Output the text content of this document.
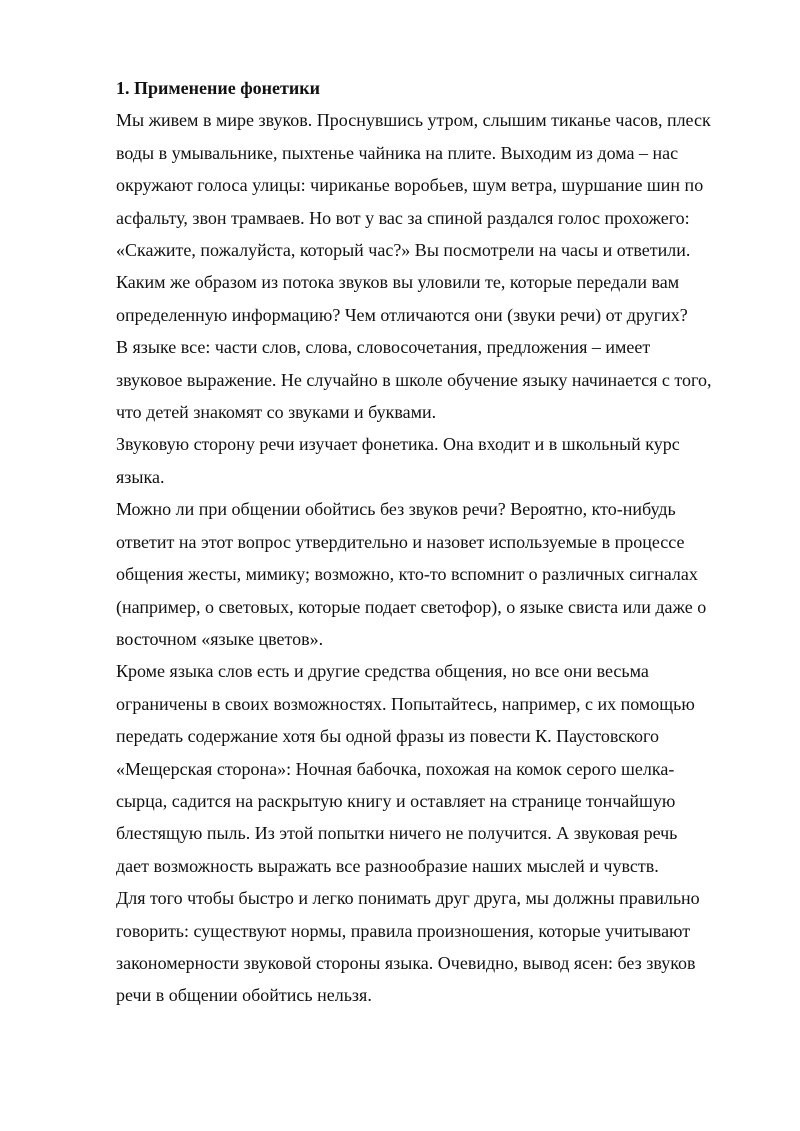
1. Применение фонетики
Мы живем в мире звуков. Проснувшись утром, слышим тиканье часов, плеск
воды в умывальнике, пыхтенье чайника на плите. Выходим из дома – нас
окружают голоса улицы: чириканье воробьев, шум ветра, шуршание шин по
асфальту, звон трамваев. Но вот у вас за спиной раздался голос прохожего:
«Скажите, пожалуйста, который час?» Вы посмотрели на часы и ответили.
Каким же образом из потока звуков вы уловили те, которые передали вам
определенную информацию? Чем отличаются они (звуки речи) от других?
В языке все: части слов, слова, словосочетания, предложения – имеет
звуковое выражение. Не случайно в школе обучение языку начинается с того,
что детей знакомят со звуками и буквами.
Звуковую сторону речи изучает фонетика. Она входит и в школьный курс
языка.
Можно ли при общении обойтись без звуков речи? Вероятно, кто-нибудь
ответит на этот вопрос утвердительно и назовет используемые в процессе
общения жесты, мимику; возможно, кто-то вспомнит о различных сигналах
(например, о световых, которые подает светофор), о языке свиста или даже о
восточном «языке цветов».
Кроме языка слов есть и другие средства общения, но все они весьма
ограничены в своих возможностях. Попытайтесь, например, с их помощью
передать содержание хотя бы одной фразы из повести К. Паустовского
«Мещерская сторона»: Ночная бабочка, похожая на комок серого шелка-
сырца, садится на раскрытую книгу и оставляет на странице тончайшую
блестящую пыль. Из этой попытки ничего не получится. А звуковая речь
дает возможность выражать все разнообразие наших мыслей и чувств.
Для того чтобы быстро и легко понимать друг друга, мы должны правильно
говорить: существуют нормы, правила произношения, которые учитывают
закономерности звуковой стороны языка. Очевидно, вывод ясен: без звуков
речи в общении обойтись нельзя.
